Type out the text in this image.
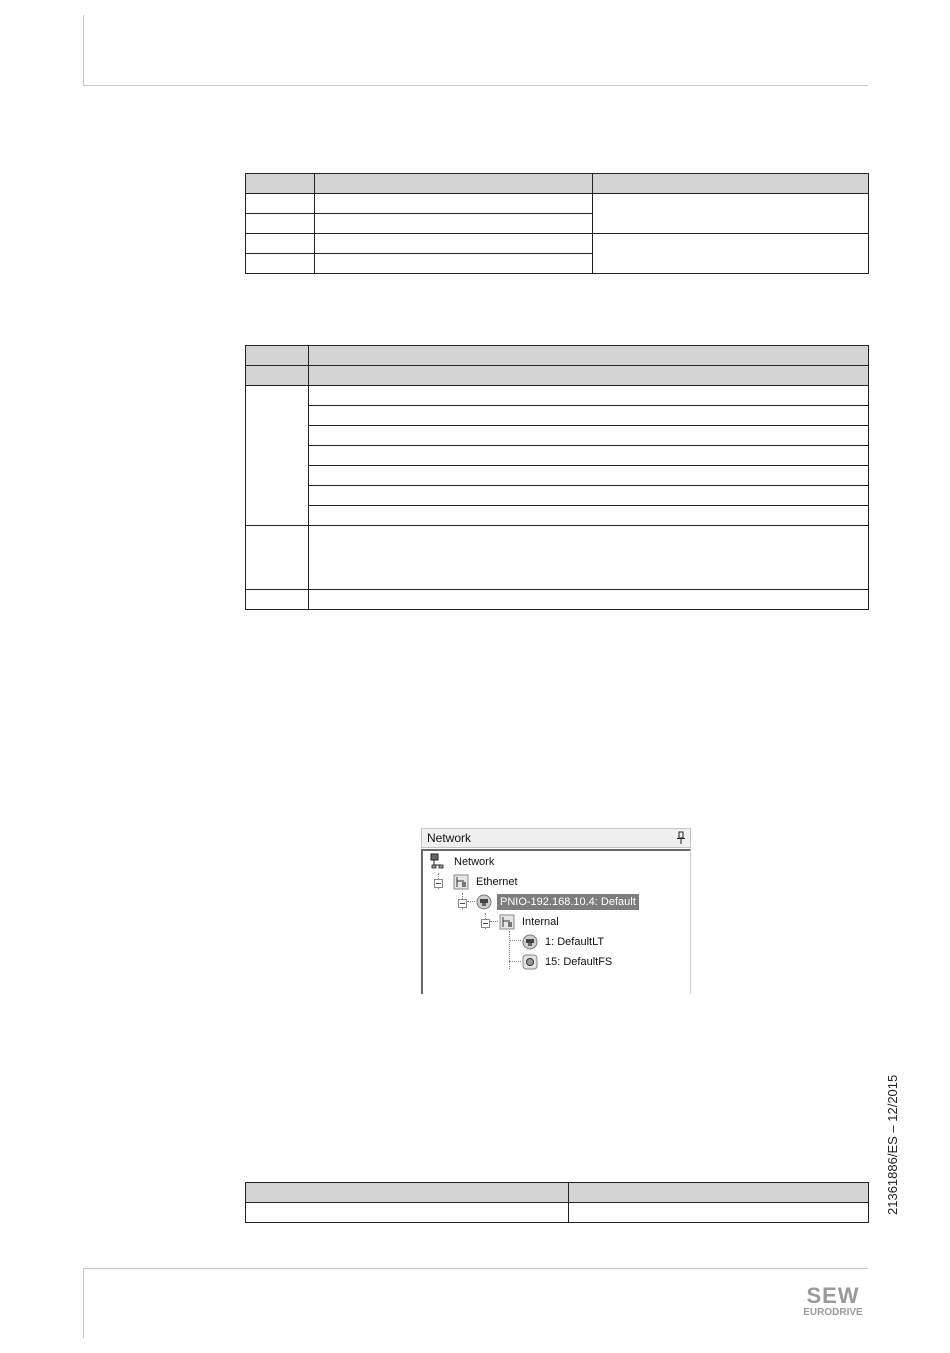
Network
Network
Ethernet
PNIO-192.168.10.4: Default
Internal
1: DefaultLT
15: DefaultFS

21361886/ES – 12/2015
SEW
EURODRIVE
